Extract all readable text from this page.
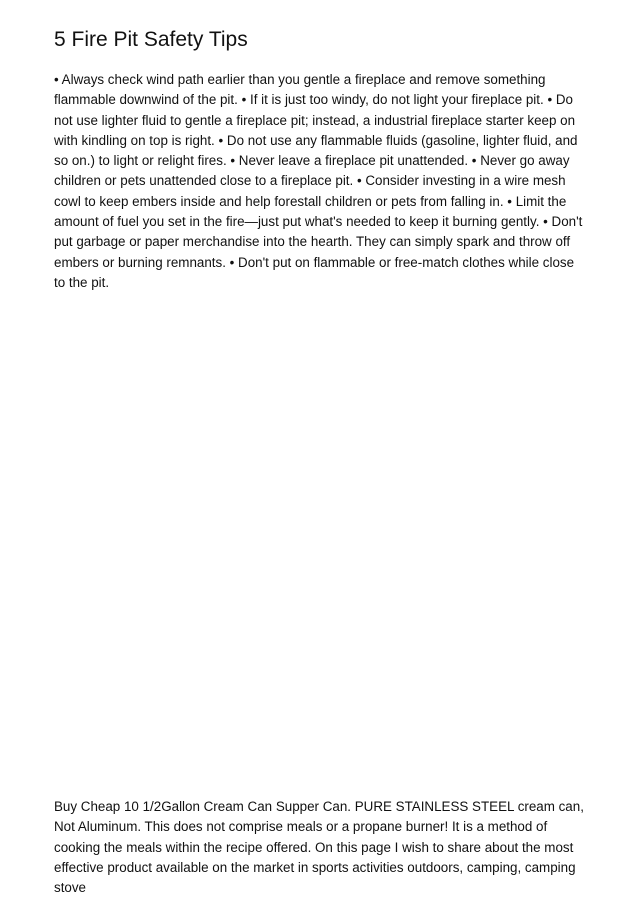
5 Fire Pit Safety Tips

• Always check wind path earlier than you gentle a fireplace and remove something flammable downwind of the pit. • If it is just too windy, do not light your fireplace pit. • Do not use lighter fluid to gentle a fireplace pit; instead, a industrial fireplace starter keep on with kindling on top is right. • Do not use any flammable fluids (gasoline, lighter fluid, and so on.) to light or relight fires. • Never leave a fireplace pit unattended. • Never go away children or pets unattended close to a fireplace pit. • Consider investing in a wire mesh cowl to keep embers inside and help forestall children or pets from falling in. • Limit the amount of fuel you set in the fire—just put what's needed to keep it burning gently. • Don't put garbage or paper merchandise into the hearth. They can simply spark and throw off embers or burning remnants. • Don't put on flammable or free-match clothes while close to the pit.

Buy Cheap 10 1/2Gallon Cream Can Supper Can. PURE STAINLESS STEEL cream can, Not Aluminum. This does not comprise meals or a propane burner! It is a method of cooking the meals within the recipe offered. On this page I wish to share about the most effective product available on the market in sports activities outdoors, camping, camping stove
